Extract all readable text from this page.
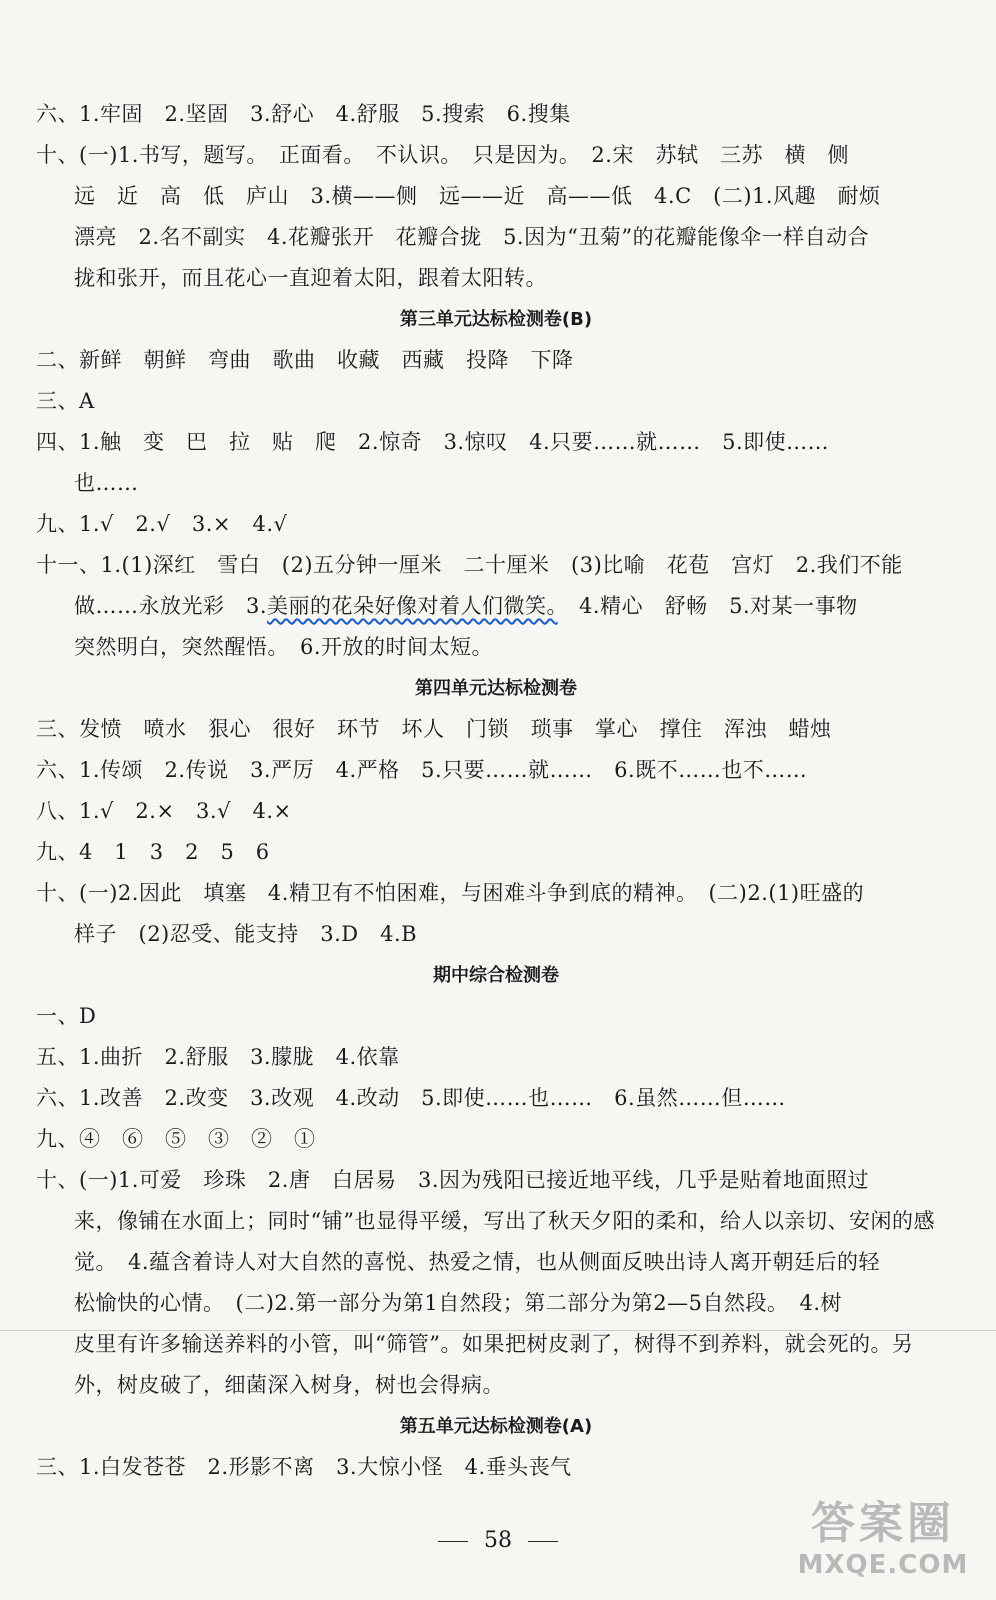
六、1.牢固　2.坚固　3.舒心　4.舒服　5.搜索　6.搜集
十、(一)1.书写，题写。　正面看。　不认识。　只是因为。　2.宋　苏轼　三苏　横　侧
远　近　高　低　庐山　3.横——侧　远——近　高——低　4.C　(二)1.风趣　耐烦
漂亮　2.名不副实　4.花瓣张开　花瓣合拢　5.因为“丑菊”的花瓣能像伞一样自动合
拢和张开，而且花心一直迎着太阳，跟着太阳转。
第三单元达标检测卷(B)
二、新鲜　朝鲜　弯曲　歌曲　收藏　西藏　投降　下降
三、A
四、1.触　变　巴　拉　贴　爬　2.惊奇　3.惊叹　4.只要……就……　5.即使……
也……
九、1.√　2.√　3.×　4.√
十一、1.(1)深红　雪白　(2)五分钟一厘米　二十厘米　(3)比喻　花苞　宫灯　2.我们不能
做……永放光彩　3.美丽的花朵好像对着人们微笑。　4.精心　舒畅　5.对某一事物
突然明白，突然醒悟。　6.开放的时间太短。
第四单元达标检测卷
三、发愤　喷水　狠心　很好　环节　坏人　门锁　琐事　掌心　撑住　浑浊　蜡烛
六、1.传颂　2.传说　3.严厉　4.严格　5.只要……就……　6.既不……也不……
八、1.√　2.×　3.√　4.×
九、4　1　3　2　5　6
十、(一)2.因此　填塞　4.精卫有不怕困难，与困难斗争到底的精神。　(二)2.(1)旺盛的
样子　(2)忍受、能支持　3.D　4.B
期中综合检测卷
一、D
五、1.曲折　2.舒服　3.朦胧　4.依靠
六、1.改善　2.改变　3.改观　4.改动　5.即使……也……　6.虽然……但……
九、④　⑥　⑤　③　②　①
十、(一)1.可爱　珍珠　2.唐　白居易　3.因为残阳已接近地平线，几乎是贴着地面照过
来，像铺在水面上；同时“铺”也显得平缓，写出了秋天夕阳的柔和，给人以亲切、安闲的感
觉。　4.蕴含着诗人对大自然的喜悦、热爱之情，也从侧面反映出诗人离开朝廷后的轻
松愉快的心情。　(二)2.第一部分为第1自然段；第二部分为第2—5自然段。　4.树
皮里有许多输送养料的小管，叫“筛管”。如果把树皮剥了，树得不到养料，就会死的。另
外，树皮破了，细菌深入树身，树也会得病。
第五单元达标检测卷(A)
三、1.白发苍苍　2.形影不离　3.大惊小怪　4.垂头丧气
58	答案圈
MXQE.COM
